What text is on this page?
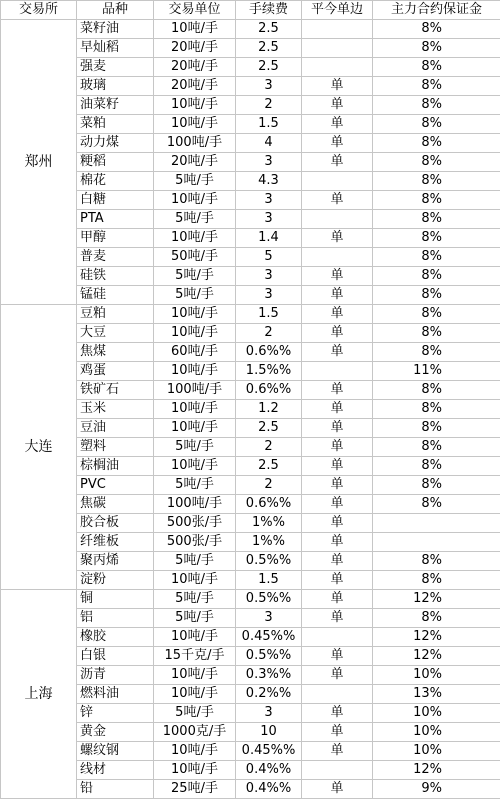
交易所	品种	交易单位	手续费	平今单边	主力合约保证金
郑州	菜籽油	10吨/手	2.5		8%
	早灿稻	20吨/手	2.5		8%
	强麦	20吨/手	2.5		8%
	玻璃	20吨/手	3	单	8%
	油菜籽	10吨/手	2	单	8%
	菜粕	10吨/手	1.5	单	8%
	动力煤	100吨/手	4	单	8%
	粳稻	20吨/手	3	单	8%
	棉花	5吨/手	4.3		8%
	白糖	10吨/手	3	单	8%
	PTA	5吨/手	3		8%
	甲醇	10吨/手	1.4	单	8%
	普麦	50吨/手	5		8%
	硅铁	5吨/手	3	单	8%
	锰硅	5吨/手	3	单	8%
大连	豆粕	10吨/手	1.5	单	8%
	大豆	10吨/手	2	单	8%
	焦煤	60吨/手	0.6%%	单	8%
	鸡蛋	10吨/手	1.5%%		11%
	铁矿石	100吨/手	0.6%%	单	8%
	玉米	10吨/手	1.2	单	8%
	豆油	10吨/手	2.5	单	8%
	塑料	5吨/手	2	单	8%
	棕榈油	10吨/手	2.5	单	8%
	PVC	5吨/手	2	单	8%
	焦碳	100吨/手	0.6%%	单	8%
	胶合板	500张/手	1%%	单	
	纤维板	500张/手	1%%	单	
	聚丙烯	5吨/手	0.5%%	单	8%
	淀粉	10吨/手	1.5	单	8%
上海	铜	5吨/手	0.5%%	单	12%
	铝	5吨/手	3	单	8%
	橡胶	10吨/手	0.45%%		12%
	白银	15千克/手	0.5%%	单	12%
	沥青	10吨/手	0.3%%	单	10%
	燃料油	10吨/手	0.2%%		13%
	锌	5吨/手	3	单	10%
	黄金	1000克/手	10	单	10%
	螺纹钢	10吨/手	0.45%%	单	10%
	线材	10吨/手	0.4%%		12%
	铅	25吨/手	0.4%%	单	9%
